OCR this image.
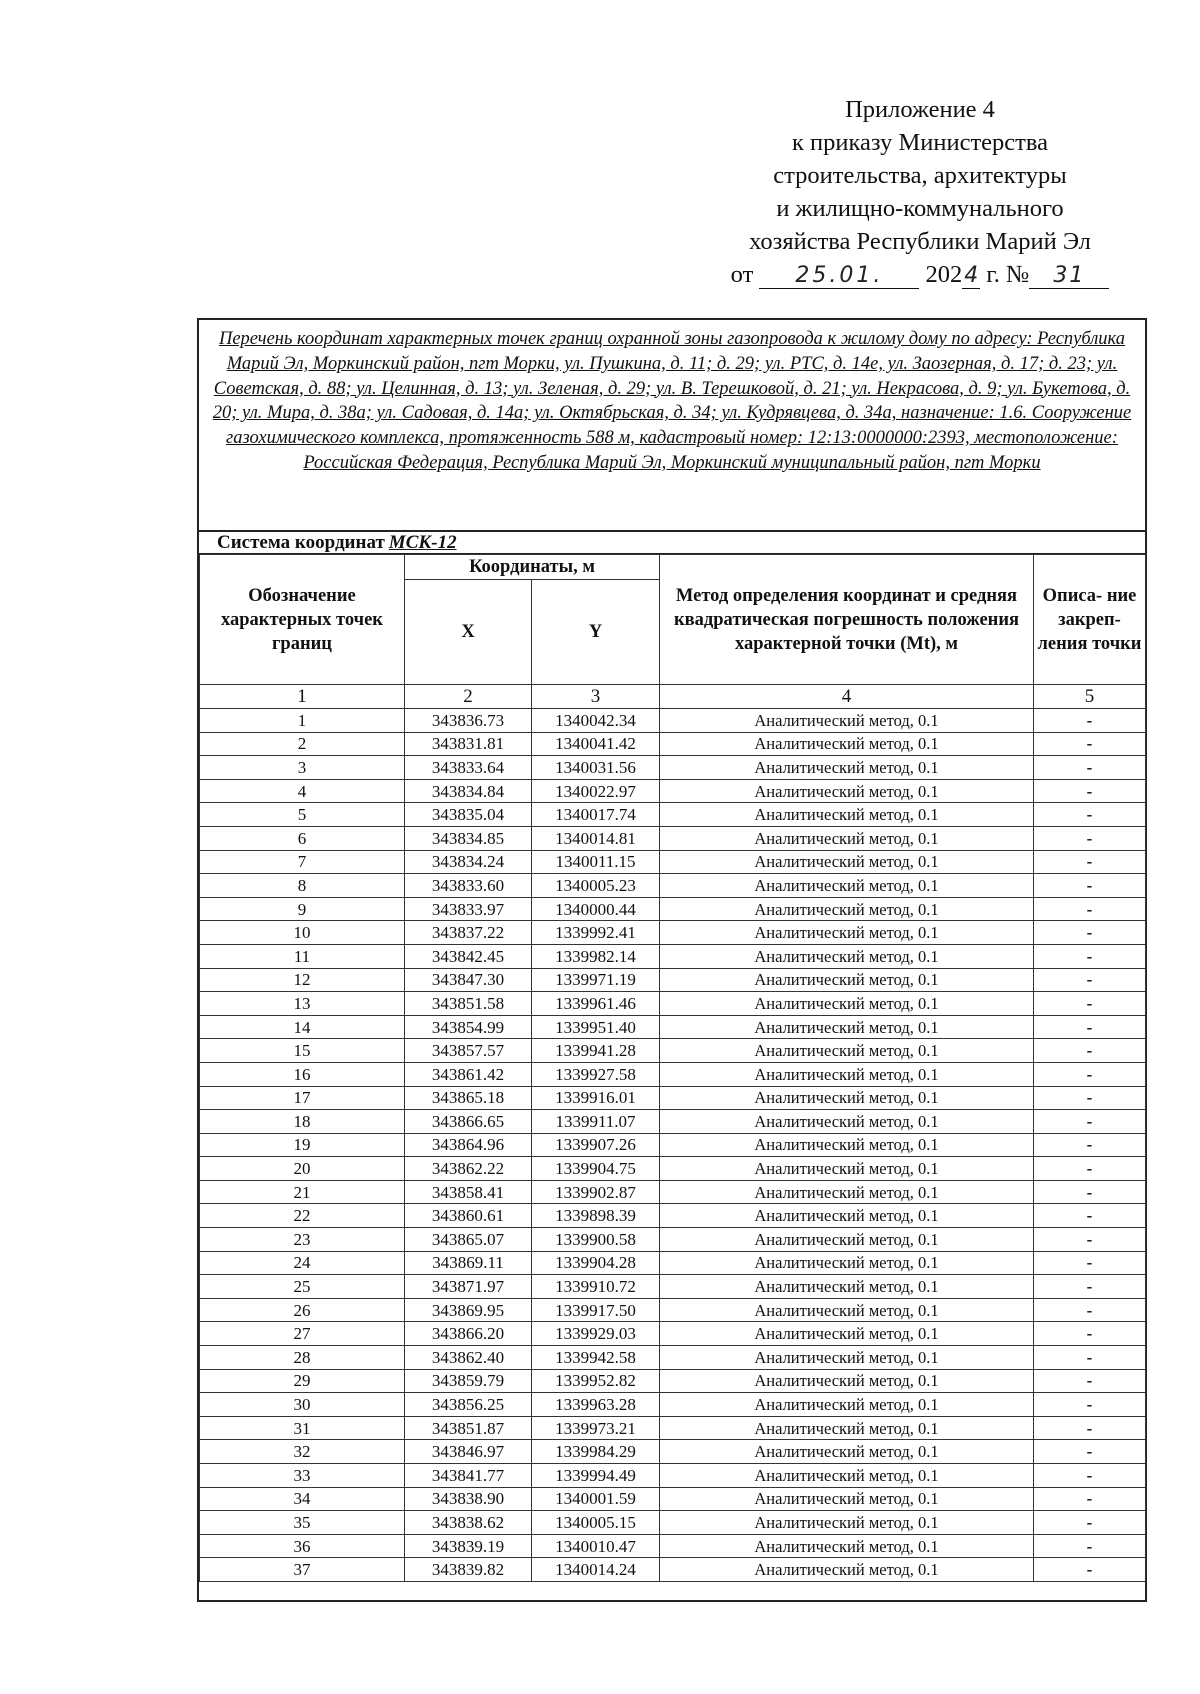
Приложение 4
к приказу Министерства
строительства, архитектуры
и жилищно-коммунального
хозяйства Республики Марий Эл
от 25.01. 2024 г. № 31
Перечень координат характерных точек границ охранной зоны газопровода к жилому дому по адресу: Республика Марий Эл, Моркинский район, пгт Морки, ул. Пушкина, д. 11; д. 29; ул. РТС, д. 14е, ул. Заозерная, д. 17; д. 23; ул. Советская, д. 88; ул. Целинная, д. 13; ул. Зеленая, д. 29; ул. В. Терешковой, д. 21; ул. Некрасова, д. 9; ул. Букетова, д. 20; ул. Мира, д. 38а; ул. Садовая, д. 14а; ул. Октябрьская, д. 34; ул. Кудрявцева, д. 34а, назначение: 1.6. Сооружение газохимического комплекса, протяженность 588 м, кадастровый номер: 12:13:0000000:2393, местоположение: Российская Федерация, Республика Марий Эл, Моркинский муниципальный район, пгт Морки
Система координат МСК-12
Обозначение характерных точек границ	Координаты, м		Метод определения координат и средняя квадратическая погрешность положения характерной точки (Mt), м	Описа- ние закреп- ления точки
	X	Y		
1	2	3	4	5
1	343836.73	1340042.34	Аналитический метод, 0.1	-
2	343831.81	1340041.42	Аналитический метод, 0.1	-
3	343833.64	1340031.56	Аналитический метод, 0.1	-
4	343834.84	1340022.97	Аналитический метод, 0.1	-
5	343835.04	1340017.74	Аналитический метод, 0.1	-
6	343834.85	1340014.81	Аналитический метод, 0.1	-
7	343834.24	1340011.15	Аналитический метод, 0.1	-
8	343833.60	1340005.23	Аналитический метод, 0.1	-
9	343833.97	1340000.44	Аналитический метод, 0.1	-
10	343837.22	1339992.41	Аналитический метод, 0.1	-
11	343842.45	1339982.14	Аналитический метод, 0.1	-
12	343847.30	1339971.19	Аналитический метод, 0.1	-
13	343851.58	1339961.46	Аналитический метод, 0.1	-
14	343854.99	1339951.40	Аналитический метод, 0.1	-
15	343857.57	1339941.28	Аналитический метод, 0.1	-
16	343861.42	1339927.58	Аналитический метод, 0.1	-
17	343865.18	1339916.01	Аналитический метод, 0.1	-
18	343866.65	1339911.07	Аналитический метод, 0.1	-
19	343864.96	1339907.26	Аналитический метод, 0.1	-
20	343862.22	1339904.75	Аналитический метод, 0.1	-
21	343858.41	1339902.87	Аналитический метод, 0.1	-
22	343860.61	1339898.39	Аналитический метод, 0.1	-
23	343865.07	1339900.58	Аналитический метод, 0.1	-
24	343869.11	1339904.28	Аналитический метод, 0.1	-
25	343871.97	1339910.72	Аналитический метод, 0.1	-
26	343869.95	1339917.50	Аналитический метод, 0.1	-
27	343866.20	1339929.03	Аналитический метод, 0.1	-
28	343862.40	1339942.58	Аналитический метод, 0.1	-
29	343859.79	1339952.82	Аналитический метод, 0.1	-
30	343856.25	1339963.28	Аналитический метод, 0.1	-
31	343851.87	1339973.21	Аналитический метод, 0.1	-
32	343846.97	1339984.29	Аналитический метод, 0.1	-
33	343841.77	1339994.49	Аналитический метод, 0.1	-
34	343838.90	1340001.59	Аналитический метод, 0.1	-
35	343838.62	1340005.15	Аналитический метод, 0.1	-
36	343839.19	1340010.47	Аналитический метод, 0.1	-
37	343839.82	1340014.24	Аналитический метод, 0.1	-
